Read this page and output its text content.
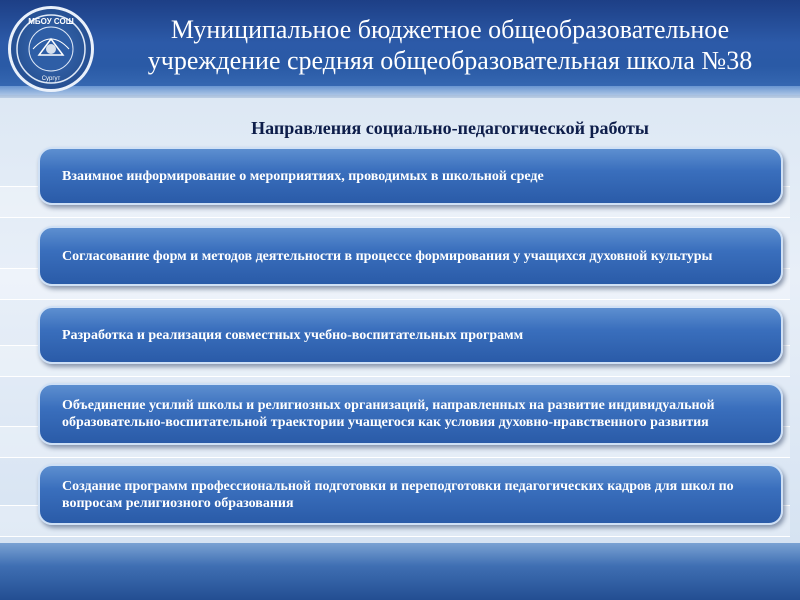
МБОУ СОШ
Сургут
Муниципальное бюджетное общеобразовательное
учреждение средняя общеобразовательная школа №38
Направления социально-педагогической работы
Взаимное информирование о мероприятиях, проводимых в школьной среде
Согласование форм и методов деятельности в процессе формирования у учащихся духовной культуры
Разработка и реализация совместных учебно-воспитательных программ
Объединение усилий школы и религиозных организаций, направленных на развитие индивидуальной образовательно-воспитательной траектории учащегося как условия духовно-нравственного развития
Создание программ профессиональной подготовки и переподготовки педагогических кадров для школ по вопросам религиозного образования
